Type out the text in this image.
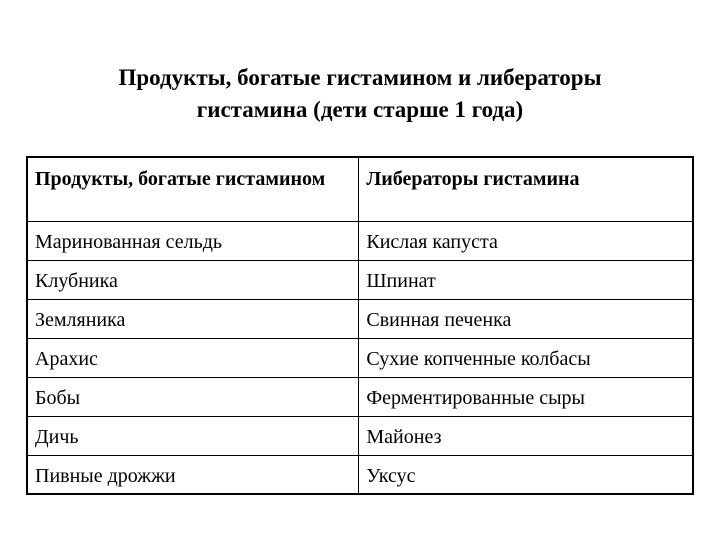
Продукты, богатые гистамином и либераторы
гистамина (дети старше 1 года)
Продукты, богатые гистамином	Либераторы гистамина
Маринованная сельдь	Кислая капуста
Клубника	Шпинат
Земляника	Свинная печенка
Арахис	Сухие копченные колбасы
Бобы	Ферментированные сыры
Дичь	Майонез
Пивные дрожжи	Уксус
